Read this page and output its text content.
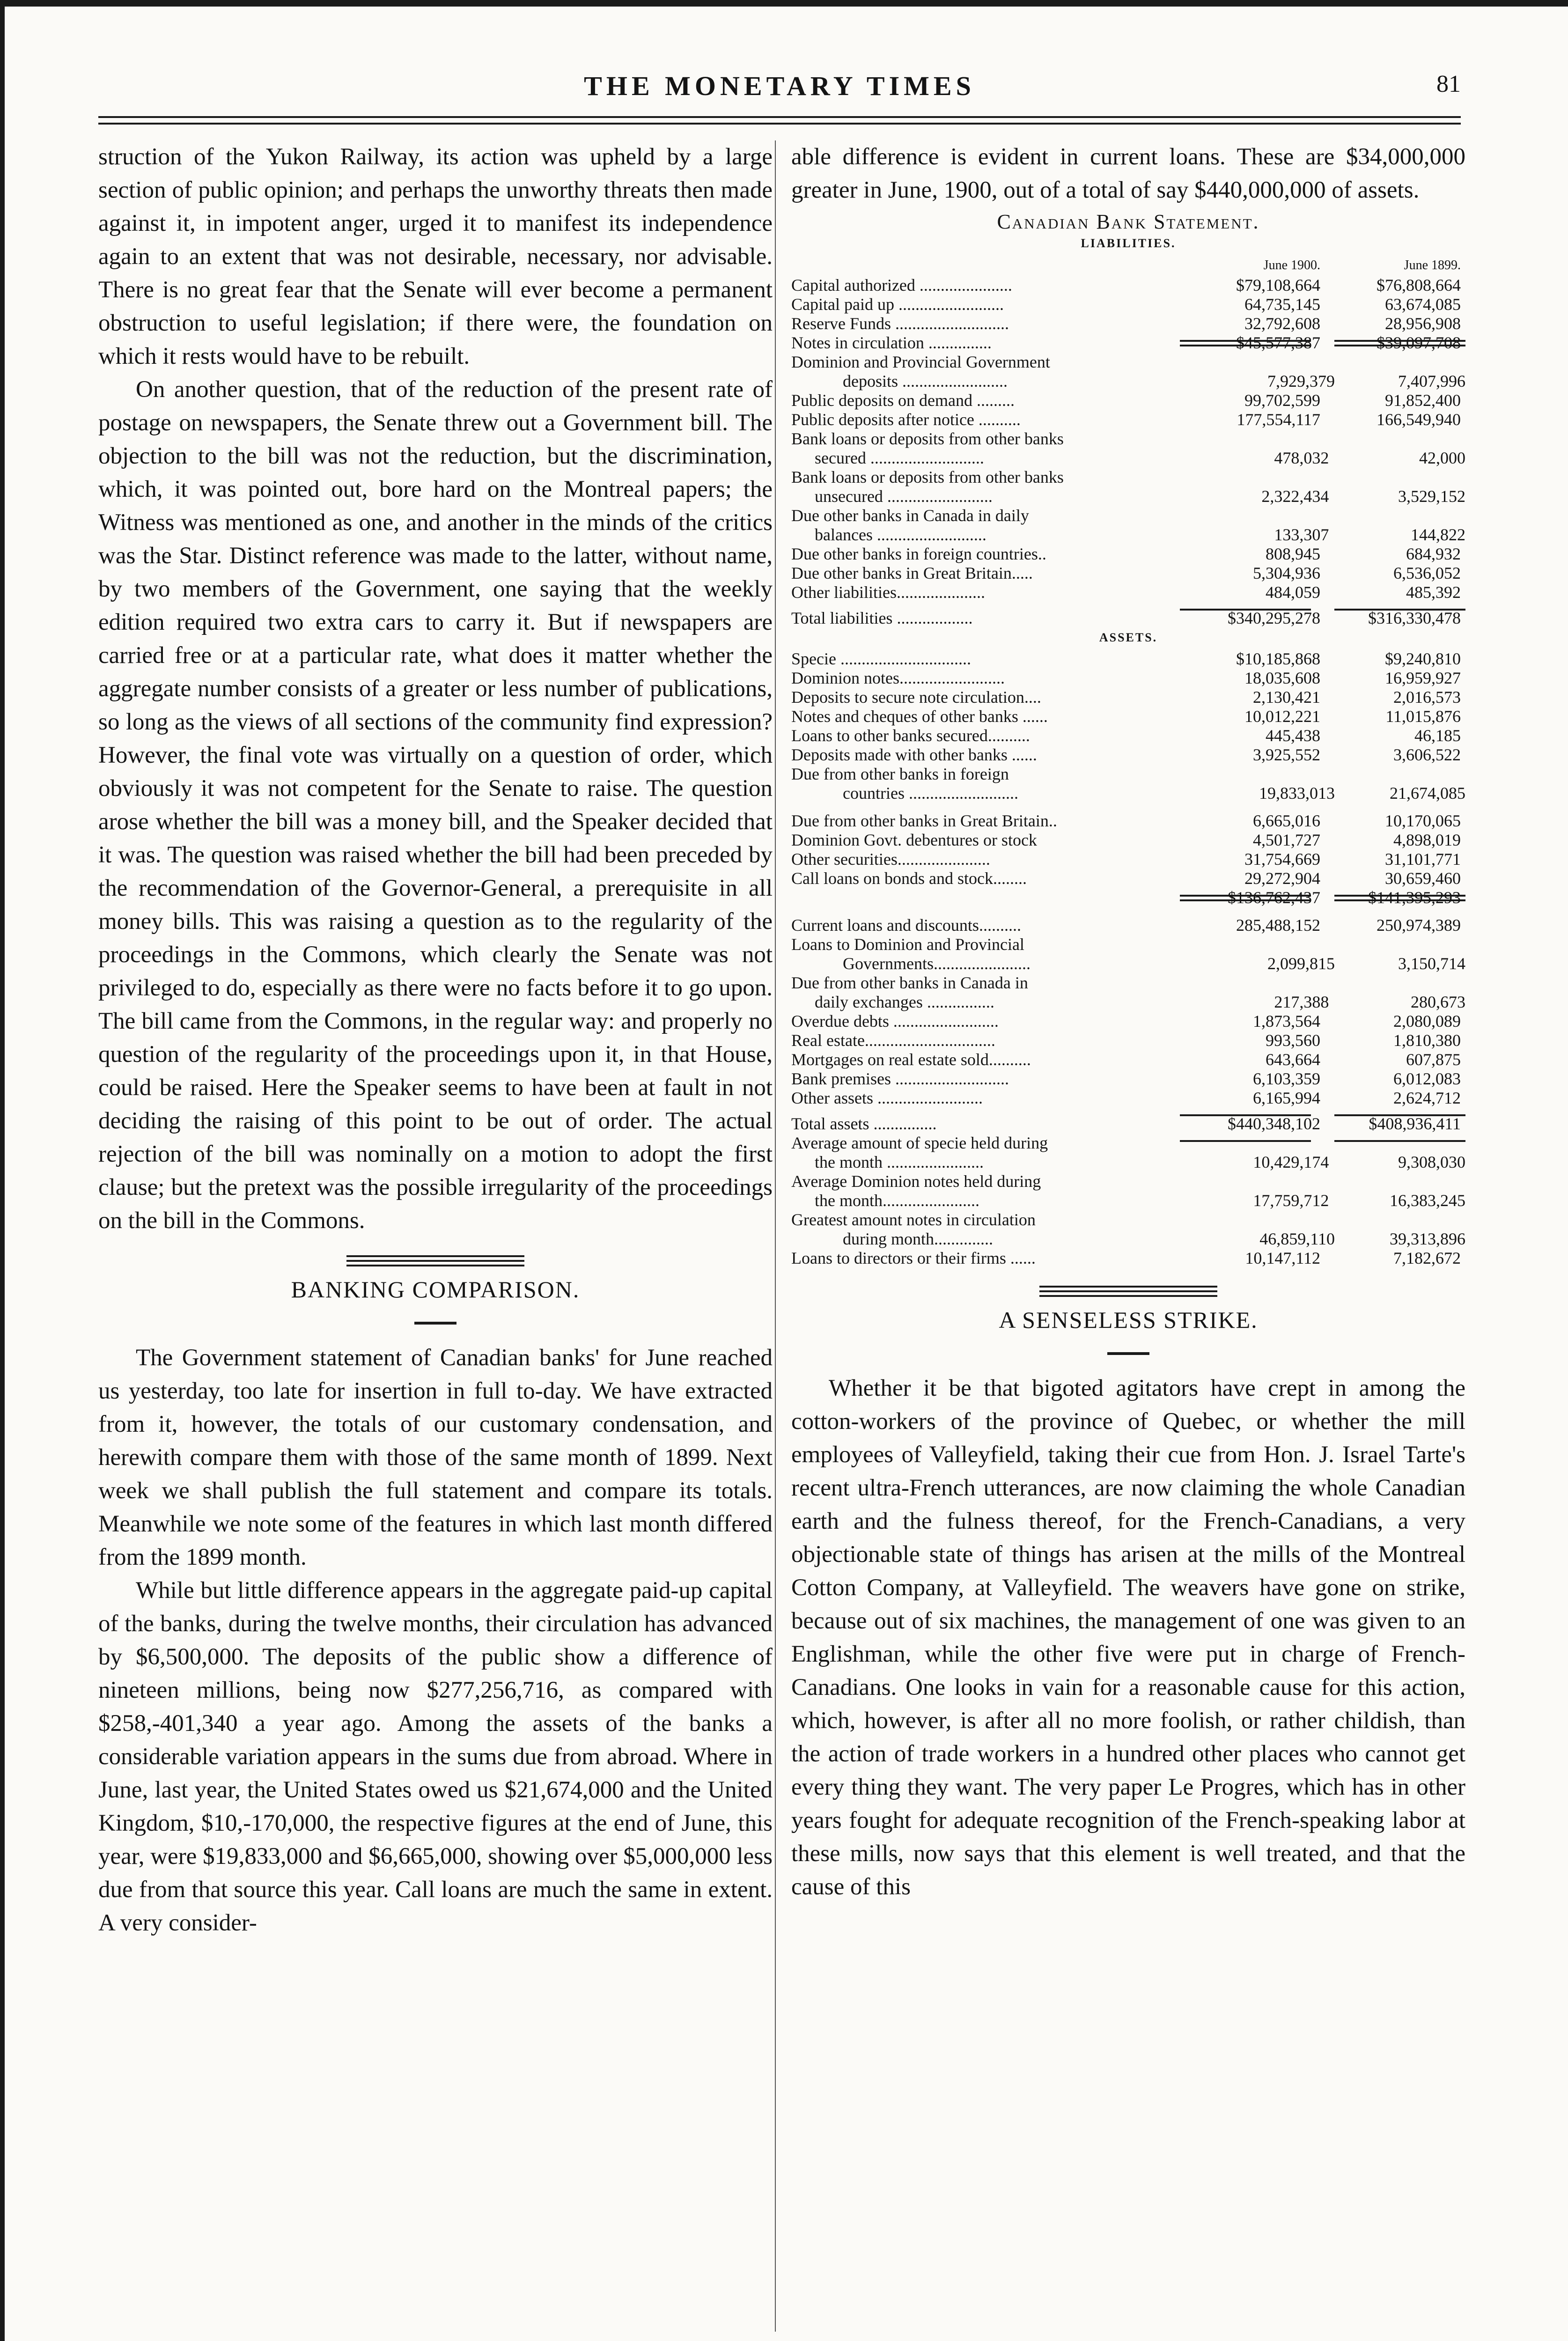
THE MONETARY TIMES	81

struction of the Yukon Railway, its action was upheld by a large section of public opinion; and perhaps the unworthy threats then made against it, in impotent anger, urged it to manifest its independence again to an extent that was not desirable, necessary, nor advisable. There is no great fear that the Senate will ever become a permanent obstruction to useful legislation; if there were, the foundation on which it rests would have to be rebuilt.

On another question, that of the reduction of the present rate of postage on newspapers, the Senate threw out a Government bill. The objection to the bill was not the reduction, but the discrimination, which, it was pointed out, bore hard on the Montreal papers; the Witness was mentioned as one, and another in the minds of the critics was the Star. Distinct reference was made to the latter, without name, by two members of the Government, one saying that the weekly edition required two extra cars to carry it. But if newspapers are carried free or at a particular rate, what does it matter whether the aggregate number consists of a greater or less number of publications, so long as the views of all sections of the community find expression? However, the final vote was virtually on a question of order, which obviously it was not competent for the Senate to raise. The question arose whether the bill was a money bill, and the Speaker decided that it was. The question was raised whether the bill had been preceded by the recommendation of the Governor-General, a prerequisite in all money bills. This was raising a question as to the regularity of the proceedings in the Commons, which clearly the Senate was not privileged to do, especially as there were no facts before it to go upon. The bill came from the Commons, in the regular way: and properly no question of the regularity of the proceedings upon it, in that House, could be raised. Here the Speaker seems to have been at fault in not deciding the raising of this point to be out of order. The actual rejection of the bill was nominally on a motion to adopt the first clause; but the pretext was the possible irregularity of the proceedings on the bill in the Commons.

BANKING COMPARISON.

The Government statement of Canadian banks' for June reached us yesterday, too late for insertion in full to-day. We have extracted from it, however, the totals of our customary condensation, and herewith compare them with those of the same month of 1899. Next week we shall publish the full statement and compare its totals. Meanwhile we note some of the features in which last month differed from the 1899 month.

While but little difference appears in the aggregate paid-up capital of the banks, during the twelve months, their circulation has advanced by $6,500,000. The deposits of the public show a difference of nineteen millions, being now $277,256,716, as compared with $258,-401,340 a year ago. Among the assets of the banks a considerable variation appears in the sums due from abroad. Where in June, last year, the United States owed us $21,674,000 and the United Kingdom, $10,-170,000, the respective figures at the end of June, this year, were $19,833,000 and $6,665,000, showing over $5,000,000 less due from that source this year. Call loans are much the same in extent. A very consider-

able difference is evident in current loans. These are $34,000,000 greater in June, 1900, out of a total of say $440,000,000 of assets.

Canadian Bank Statement.
LIABILITIES.
June 1900.	June 1899.
Capital authorized ......................	$79,108,664	$76,808,664
Capital paid up .........................	64,735,145	63,674,085
Reserve Funds ...........................	32,792,608	28,956,908
Notes in circulation ...............	$45,577,387	$39,097,708
Dominion and Provincial Government
deposits .........................	7,929,379	7,407,996
Public deposits on demand .........	99,702,599	91,852,400
Public deposits after notice ..........	177,554,117	166,549,940
Bank loans or deposits from other banks
secured ...........................	478,032	42,000
Bank loans or deposits from other banks
unsecured .........................	2,322,434	3,529,152
Due other banks in Canada in daily
balances ..........................	133,307	144,822
Due other banks in foreign countries..	808,945	684,932
Due other banks in Great Britain.....	5,304,936	6,536,052
Other liabilities.....................	484,059	485,392
Total liabilities ..................	$340,295,278	$316,330,478
ASSETS.
Specie ...............................	$10,185,868	$9,240,810
Dominion notes.........................	18,035,608	16,959,927
Deposits to secure note circulation....	2,130,421	2,016,573
Notes and cheques of other banks ......	10,012,221	11,015,876
Loans to other banks secured..........	445,438	46,185
Deposits made with other banks ......	3,925,552	3,606,522
Due from other banks in foreign
countries ..........................	19,833,013	21,674,085
Due from other banks in Great Britain..	6,665,016	10,170,065
Dominion Govt. debentures or stock	4,501,727	4,898,019
Other securities......................	31,754,669	31,101,771
Call loans on bonds and stock........	29,272,904	30,659,460
$136,762,437	$141,395,293
Current loans and discounts..........	285,488,152	250,974,389
Loans to Dominion and Provincial
Governments.......................	2,099,815	3,150,714
Due from other banks in Canada in
daily exchanges ................	217,388	280,673
Overdue debts .........................	1,873,564	2,080,089
Real estate...............................	993,560	1,810,380
Mortgages on real estate sold..........	643,664	607,875
Bank premises ...........................	6,103,359	6,012,083
Other assets .........................	6,165,994	2,624,712
Total assets ...............	$440,348,102	$408,936,411
Average amount of specie held during
the month .......................	10,429,174	9,308,030
Average Dominion notes held during
the month.......................	17,759,712	16,383,245
Greatest amount notes in circulation
during month..............	46,859,110	39,313,896
Loans to directors or their firms ......	10,147,112	7,182,672
A SENSELESS STRIKE.

Whether it be that bigoted agitators have crept in among the cotton-workers of the province of Quebec, or whether the mill employees of Valleyfield, taking their cue from Hon. J. Israel Tarte's recent ultra-French utterances, are now claiming the whole Canadian earth and the fulness thereof, for the French-Canadians, a very objectionable state of things has arisen at the mills of the Montreal Cotton Company, at Valleyfield. The weavers have gone on strike, because out of six machines, the management of one was given to an Englishman, while the other five were put in charge of French-Canadians. One looks in vain for a reasonable cause for this action, which, however, is after all no more foolish, or rather childish, than the action of trade workers in a hundred other places who cannot get every thing they want. The very paper Le Progres, which has in other years fought for adequate recognition of the French-speaking labor at these mills, now says that this element is well treated, and that the cause of this
